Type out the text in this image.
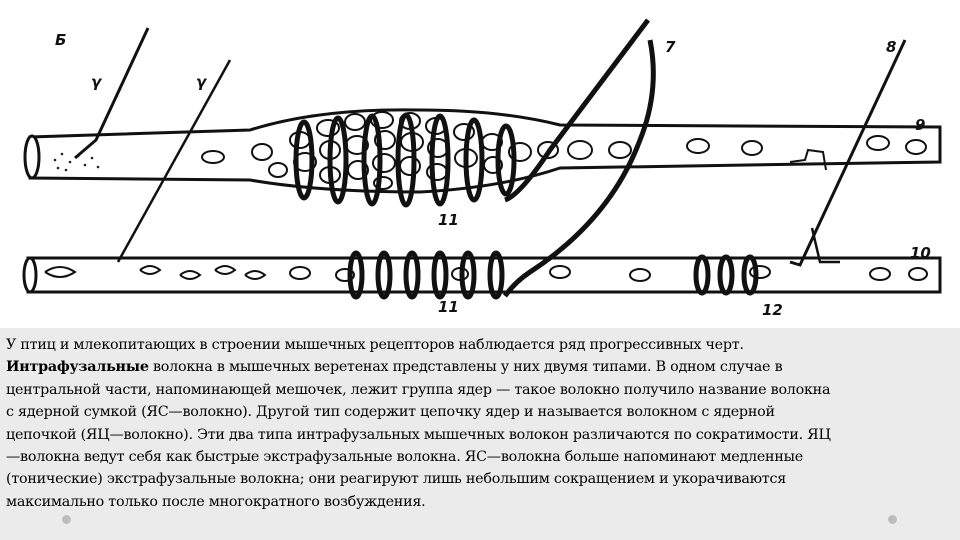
Б
γ	γ
7	8
9
10
11
11	12

У птиц и млекопитающих в строении мышечных рецепторов наблюдается ряд прогрессивных черт.
Интрафузальные волокна в мышечных веретенах представлены у них двумя типами. В одном случае в
центральной части, напоминающей мешочек, лежит группа ядер — такое волокно получило название волокна
с ядерной сумкой (ЯС—волокно). Другой тип содержит цепочку ядер и называется волокном с ядерной
цепочкой (ЯЦ—волокно). Эти два типа интрафузальных мышечных волокон различаются по сократимости. ЯЦ
—волокна ведут себя как быстрые экстрафузальные волокна. ЯС—волокна больше напоминают медленные
(тонические) экстрафузальные волокна; они реагируют лишь небольшим сокращением и укорачиваются
максимально только после многократного возбуждения.
